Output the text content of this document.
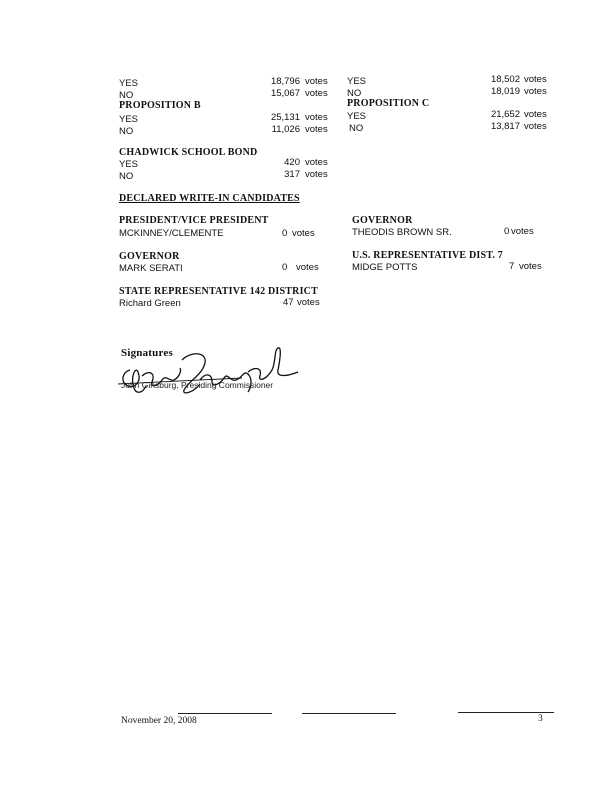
YES	18,796 votes
NO	15,067 votes
PROPOSITION B
YES	25,131 votes
NO	11,026 votes
YES	18,502 votes
NO	18,019 votes
PROPOSITION C
YES	21,652 votes
NO	13,817 votes
CHADWICK SCHOOL BOND
YES	420 votes
NO	317 votes
DECLARED WRITE-IN CANDIDATES
PRESIDENT/VICE PRESIDENT
MCKINNEY/CLEMENTE	0 votes
GOVERNOR
THEODIS BROWN SR.	0 votes
GOVERNOR
MARK SERATI	0 votes
U.S. REPRESENTATIVE DIST. 7
MIDGE POTTS	7 votes
STATE REPRESENTATIVE 142 DISTRICT
Richard Green	47 votes
Signatures
John Ginsburg, Presiding Commissioner
November 20, 2008	3
